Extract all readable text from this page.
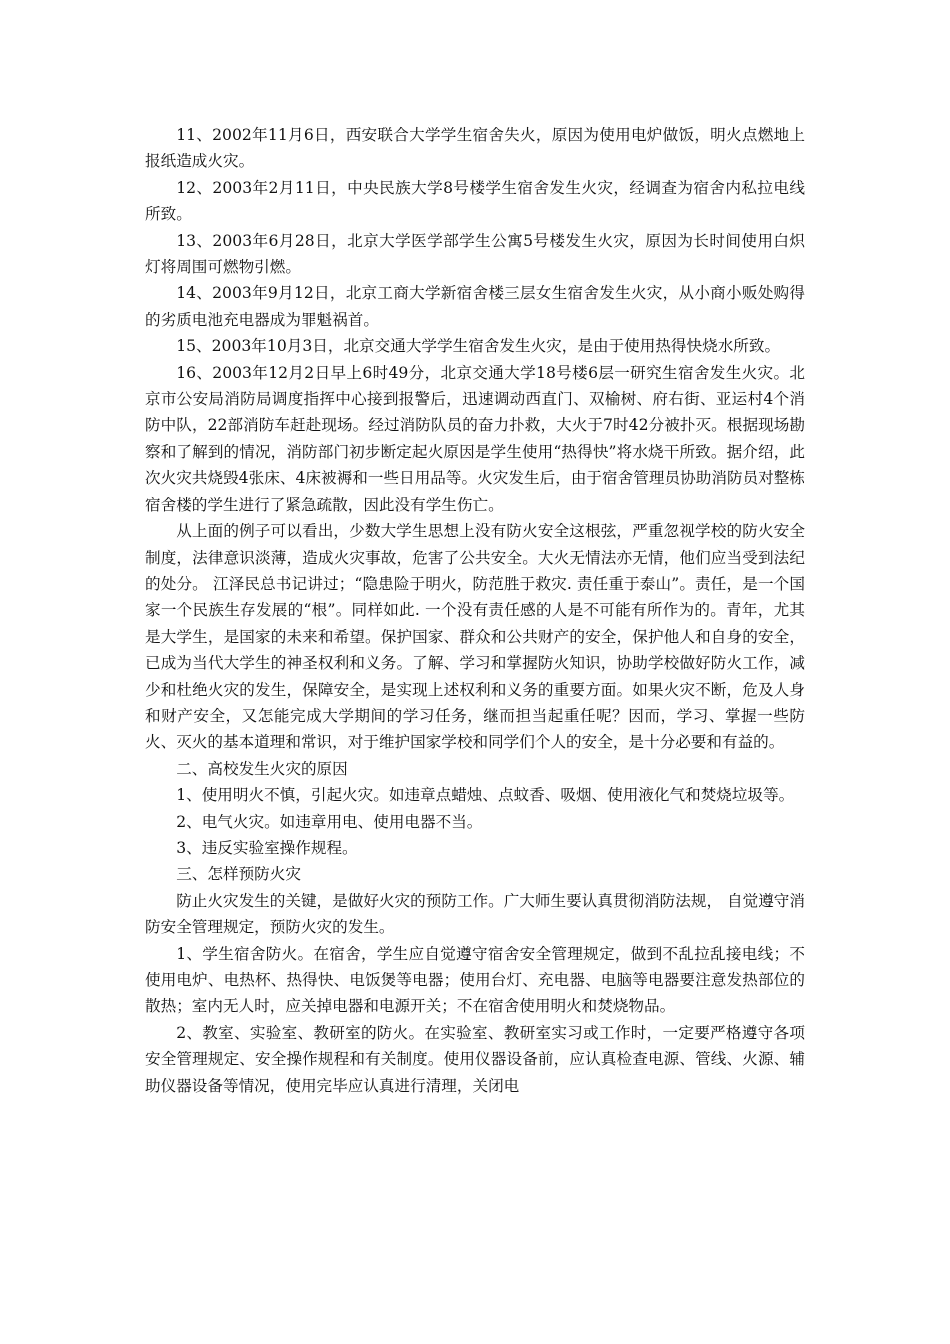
11、2002年11月6日，西安联合大学学生宿舍失火，原因为使用电炉做饭，明火点燃地上报纸造成火灾。

12、2003年2月11日，中央民族大学8号楼学生宿舍发生火灾，经调查为宿舍内私拉电线所致。

13、2003年6月28日，北京大学医学部学生公寓5号楼发生火灾，原因为长时间使用白炽灯将周围可燃物引燃。

14、2003年9月12日，北京工商大学新宿舍楼三层女生宿舍发生火灾，从小商小贩处购得的劣质电池充电器成为罪魁祸首。

15、2003年10月3日，北京交通大学学生宿舍发生火灾，是由于使用热得快烧水所致。

16、2003年12月2日早上6时49分，北京交通大学18号楼6层一研究生宿舍发生火灾。北京市公安局消防局调度指挥中心接到报警后，迅速调动西直门、双榆树、府右街、亚运村4个消防中队，22部消防车赶赴现场。经过消防队员的奋力扑救，大火于7时42分被扑灭。根据现场勘察和了解到的情况，消防部门初步断定起火原因是学生使用“热得快”将水烧干所致。据介绍，此次火灾共烧毁4张床、4床被褥和一些日用品等。火灾发生后，由于宿舍管理员协助消防员对整栋宿舍楼的学生进行了紧急疏散，因此没有学生伤亡。

从上面的例子可以看出，少数大学生思想上没有防火安全这根弦，严重忽视学校的防火安全制度，法律意识淡薄，造成火灾事故，危害了公共安全。大火无情法亦无情，他们应当受到法纪的处分。 江泽民总书记讲过；“隐患险于明火，防范胜于救灾. 责任重于泰山”。责任，是一个国家一个民族生存发展的“根”。同样如此. 一个没有责任感的人是不可能有所作为的。青年，尤其是大学生，是国家的未来和希望。保护国家、群众和公共财产的安全，保护他人和自身的安全，已成为当代大学生的神圣权利和义务。了解、学习和掌握防火知识，协助学校做好防火工作，减少和杜绝火灾的发生，保障安全，是实现上述权利和义务的重要方面。如果火灾不断，危及人身和财产安全，又怎能完成大学期间的学习任务，继而担当起重任呢？因而，学习、掌握一些防火、灭火的基本道理和常识，对于维护国家学校和同学们个人的安全，是十分必要和有益的。

二、高校发生火灾的原因

1、使用明火不慎，引起火灾。如违章点蜡烛、点蚊香、吸烟、使用液化气和焚烧垃圾等。

2、电气火灾。如违章用电、使用电器不当。

3、违反实验室操作规程。

三、怎样预防火灾

防止火灾发生的关键，是做好火灾的预防工作。广大师生要认真贯彻消防法规， 自觉遵守消防安全管理规定，预防火灾的发生。

1、学生宿舍防火。在宿舍，学生应自觉遵守宿舍安全管理规定，做到不乱拉乱接电线；不使用电炉、电热杯、热得快、电饭煲等电器；使用台灯、充电器、电脑等电器要注意发热部位的散热；室内无人时，应关掉电器和电源开关；不在宿舍使用明火和焚烧物品。

2、教室、实验室、教研室的防火。在实验室、教研室实习或工作时，一定要严格遵守各项安全管理规定、安全操作规程和有关制度。使用仪器设备前，应认真检查电源、管线、火源、辅助仪器设备等情况，使用完毕应认真进行清理，关闭电
